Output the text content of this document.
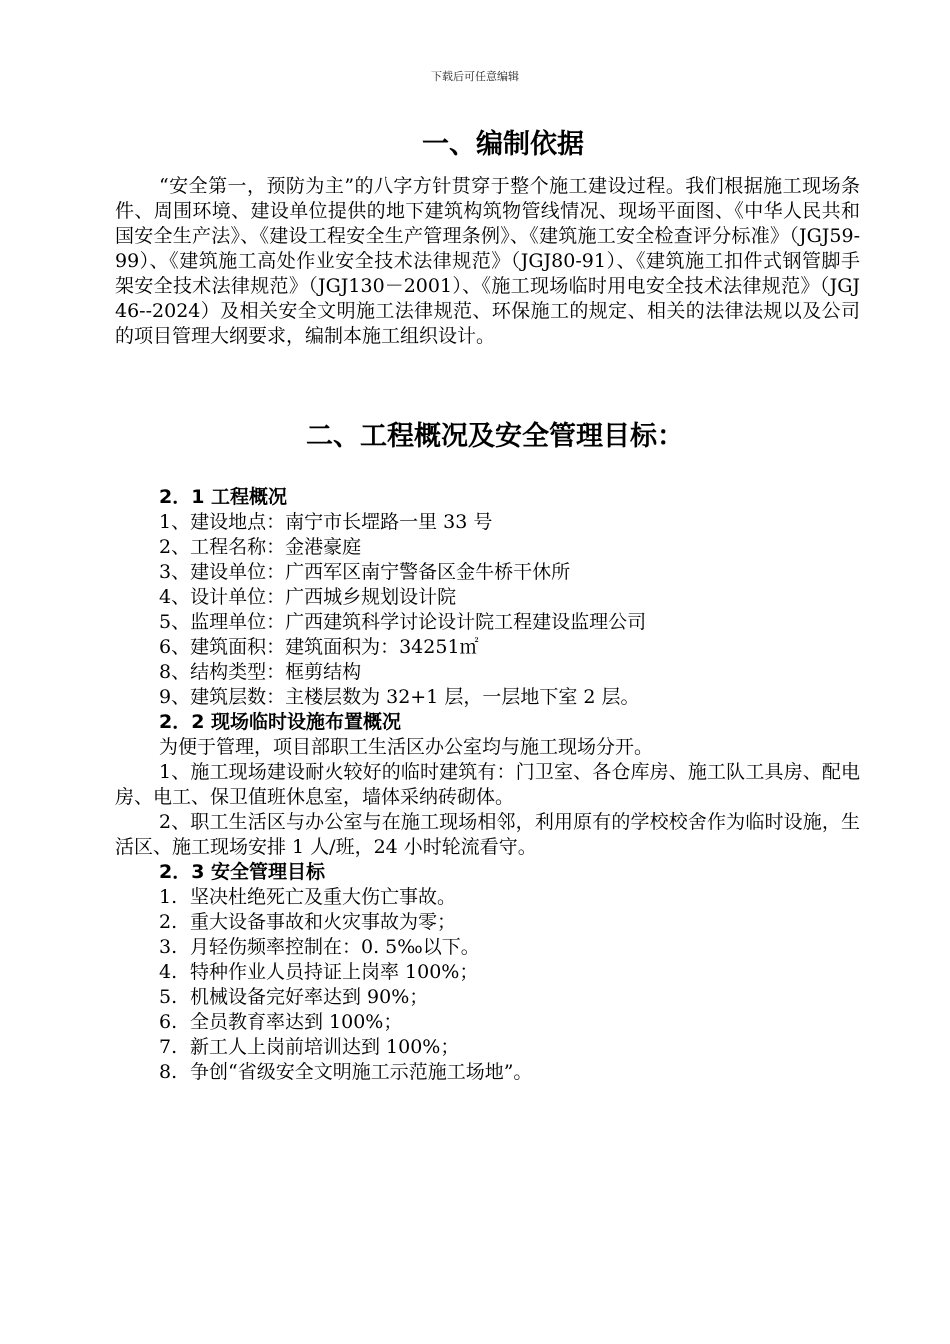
下载后可任意编辑
一、编制依据

“安全第一，预防为主”的八字方针贯穿于整个施工建设过程。我们根据施工现场条件、周围环境、建设单位提供的地下建筑构筑物管线情况、现场平面图、《中华人民共和国安全生产法》、《建设工程安全生产管理条例》、《建筑施工安全检查评分标准》（JGJ59-99）、《建筑施工高处作业安全技术法律规范》（JGJ80-91）、《建筑施工扣件式钢管脚手架安全技术法律规范》（JGJ130－2001）、《施工现场临时用电安全技术法律规范》（JGJ 46--2024）及相关安全文明施工法律规范、环保施工的规定、相关的法律法规以及公司的项目管理大纲要求，编制本施工组织设计。

二、工程概况及安全管理目标：
2．1 工程概况
1、建设地点：南宁市长堽路一里 33 号
2、工程名称：金港豪庭
3、建设单位：广西军区南宁警备区金牛桥干休所
4、设计单位：广西城乡规划设计院
5、监理单位：广西建筑科学讨论设计院工程建设监理公司
6、建筑面积：建筑面积为：34251㎡
8、结构类型：框剪结构
9、建筑层数：主楼层数为 32+1 层，一层地下室 2 层。
2．2 现场临时设施布置概况
为便于管理，项目部职工生活区办公室均与施工现场分开。

1、施工现场建设耐火较好的临时建筑有：门卫室、各仓库房、施工队工具房、配电房、电工、保卫值班休息室，墙体采纳砖砌体。

2、职工生活区与办公室与在施工现场相邻，利用原有的学校校舍作为临时设施，生活区、施工现场安排 1 人/班，24 小时轮流看守。

2．3 安全管理目标
1. 坚决杜绝死亡及重大伤亡事故。
2. 重大设备事故和火灾事故为零；
3. 月轻伤频率控制在：0. 5‰以下。
4. 特种作业人员持证上岗率 100%；
5. 机械设备完好率达到 90%；
6. 全员教育率达到 100%；
7. 新工人上岗前培训达到 100%；
8. 争创“省级安全文明施工示范施工场地”。
